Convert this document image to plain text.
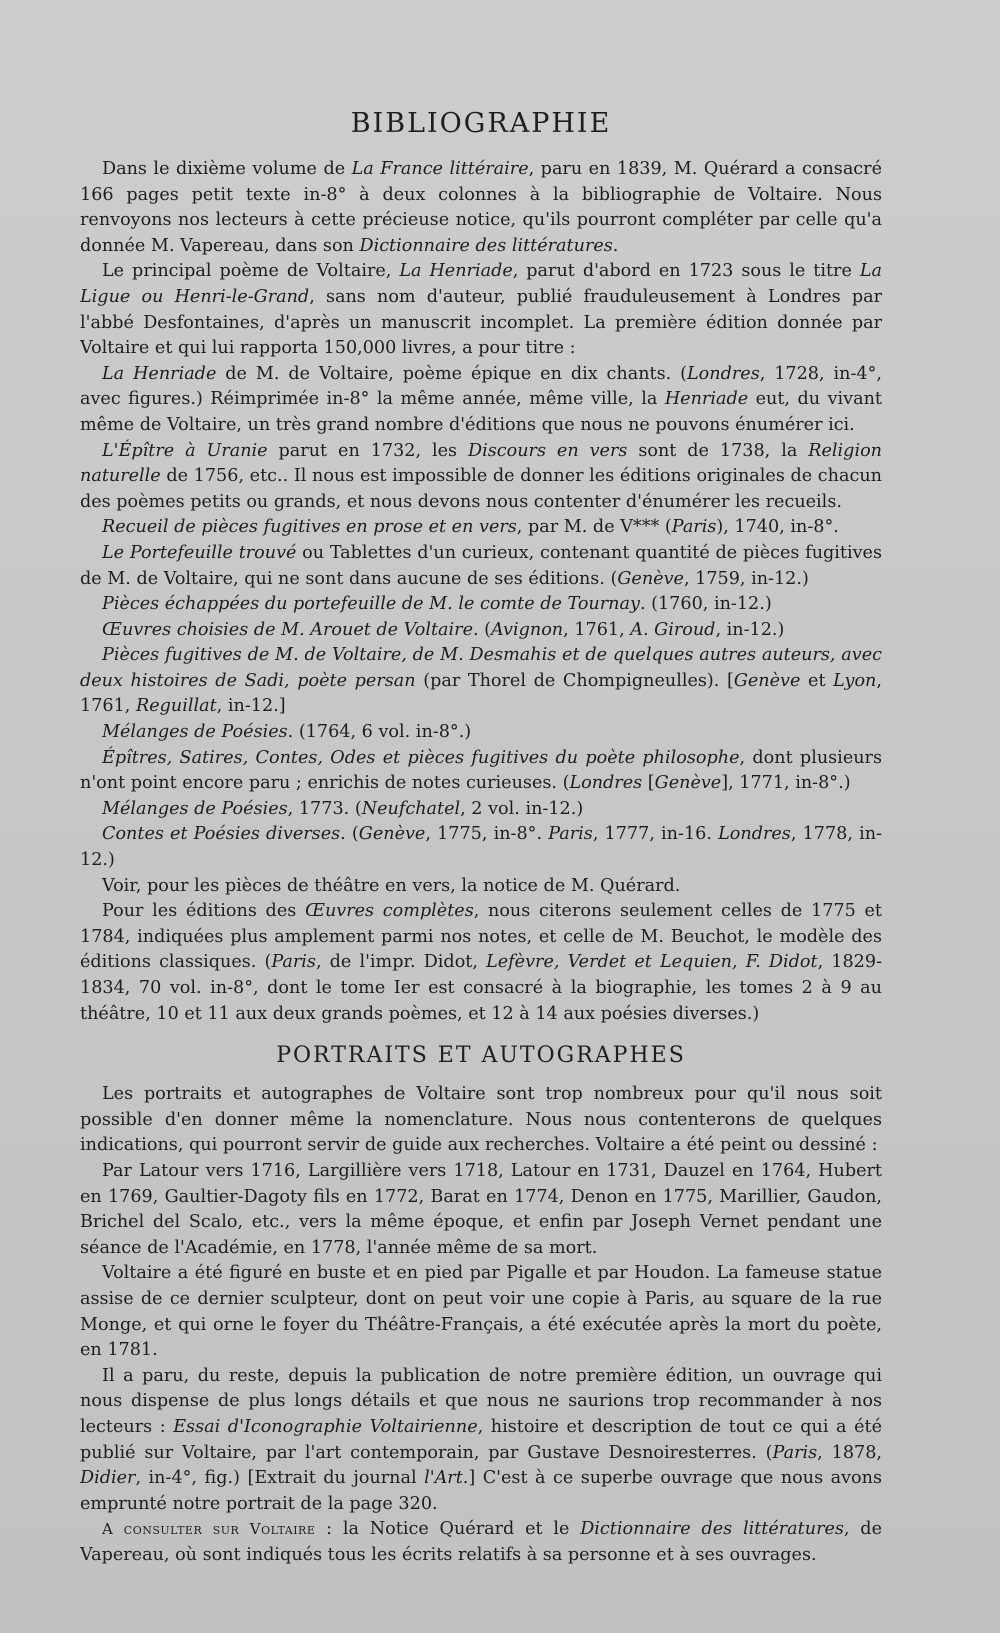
BIBLIOGRAPHIE

Dans le dixième volume de La France littéraire, paru en 1839, M. Quérard a consacré 166 pages petit texte in-8° à deux colonnes à la bibliographie de Voltaire. Nous renvoyons nos lecteurs à cette précieuse notice, qu'ils pourront compléter par celle qu'a donnée M. Vapereau, dans son Dictionnaire des littératures.

Le principal poème de Voltaire, La Henriade, parut d'abord en 1723 sous le titre La Ligue ou Henri-le-Grand, sans nom d'auteur, publié frauduleusement à Londres par l'abbé Desfontaines, d'après un manuscrit incomplet. La première édition donnée par Voltaire et qui lui rapporta 150,000 livres, a pour titre :

La Henriade de M. de Voltaire, poème épique en dix chants. (Londres, 1728, in-4°, avec figures.) Réimprimée in-8° la même année, même ville, la Henriade eut, du vivant même de Voltaire, un très grand nombre d'éditions que nous ne pouvons énumérer ici.

L'Épître à Uranie parut en 1732, les Discours en vers sont de 1738, la Religion naturelle de 1756, etc.. Il nous est impossible de donner les éditions originales de chacun des poèmes petits ou grands, et nous devons nous contenter d'énumérer les recueils.

Recueil de pièces fugitives en prose et en vers, par M. de V*** (Paris), 1740, in-8°.

Le Portefeuille trouvé ou Tablettes d'un curieux, contenant quantité de pièces fugitives de M. de Voltaire, qui ne sont dans aucune de ses éditions. (Genève, 1759, in-12.)

Pièces échappées du portefeuille de M. le comte de Tournay. (1760, in-12.)

Œuvres choisies de M. Arouet de Voltaire. (Avignon, 1761, A. Giroud, in-12.)

Pièces fugitives de M. de Voltaire, de M. Desmahis et de quelques autres auteurs, avec deux histoires de Sadi, poète persan (par Thorel de Chompigneulles). [Genève et Lyon, 1761, Reguillat, in-12.]

Mélanges de Poésies. (1764, 6 vol. in-8°.)

Épîtres, Satires, Contes, Odes et pièces fugitives du poète philosophe, dont plusieurs n'ont point encore paru ; enrichis de notes curieuses. (Londres [Genève], 1771, in-8°.)

Mélanges de Poésies, 1773. (Neufchatel, 2 vol. in-12.)

Contes et Poésies diverses. (Genève, 1775, in-8°. Paris, 1777, in-16. Londres, 1778, in-12.)

Voir, pour les pièces de théâtre en vers, la notice de M. Quérard.

Pour les éditions des Œuvres complètes, nous citerons seulement celles de 1775 et 1784, indiquées plus amplement parmi nos notes, et celle de M. Beuchot, le modèle des éditions classiques. (Paris, de l'impr. Didot, Lefèvre, Verdet et Lequien, F. Didot, 1829-1834, 70 vol. in-8°, dont le tome Ier est consacré à la biographie, les tomes 2 à 9 au théâtre, 10 et 11 aux deux grands poèmes, et 12 à 14 aux poésies diverses.)

PORTRAITS ET AUTOGRAPHES

Les portraits et autographes de Voltaire sont trop nombreux pour qu'il nous soit possible d'en donner même la nomenclature. Nous nous contenterons de quelques indications, qui pourront servir de guide aux recherches. Voltaire a été peint ou dessiné :

Par Latour vers 1716, Largillière vers 1718, Latour en 1731, Dauzel en 1764, Hubert en 1769, Gaultier-Dagoty fils en 1772, Barat en 1774, Denon en 1775, Marillier, Gaudon, Brichel del Scalo, etc., vers la même époque, et enfin par Joseph Vernet pendant une séance de l'Académie, en 1778, l'année même de sa mort.

Voltaire a été figuré en buste et en pied par Pigalle et par Houdon. La fameuse statue assise de ce dernier sculpteur, dont on peut voir une copie à Paris, au square de la rue Monge, et qui orne le foyer du Théâtre-Français, a été exécutée après la mort du poète, en 1781.

Il a paru, du reste, depuis la publication de notre première édition, un ouvrage qui nous dispense de plus longs détails et que nous ne saurions trop recommander à nos lecteurs : Essai d'Iconographie Voltairienne, histoire et description de tout ce qui a été publié sur Voltaire, par l'art contemporain, par Gustave Desnoiresterres. (Paris, 1878, Didier, in-4°, fig.) [Extrait du journal l'Art.] C'est à ce superbe ouvrage que nous avons emprunté notre portrait de la page 320.

A consulter sur Voltaire : la Notice Quérard et le Dictionnaire des littératures, de Vapereau, où sont indiqués tous les écrits relatifs à sa personne et à ses ouvrages.
